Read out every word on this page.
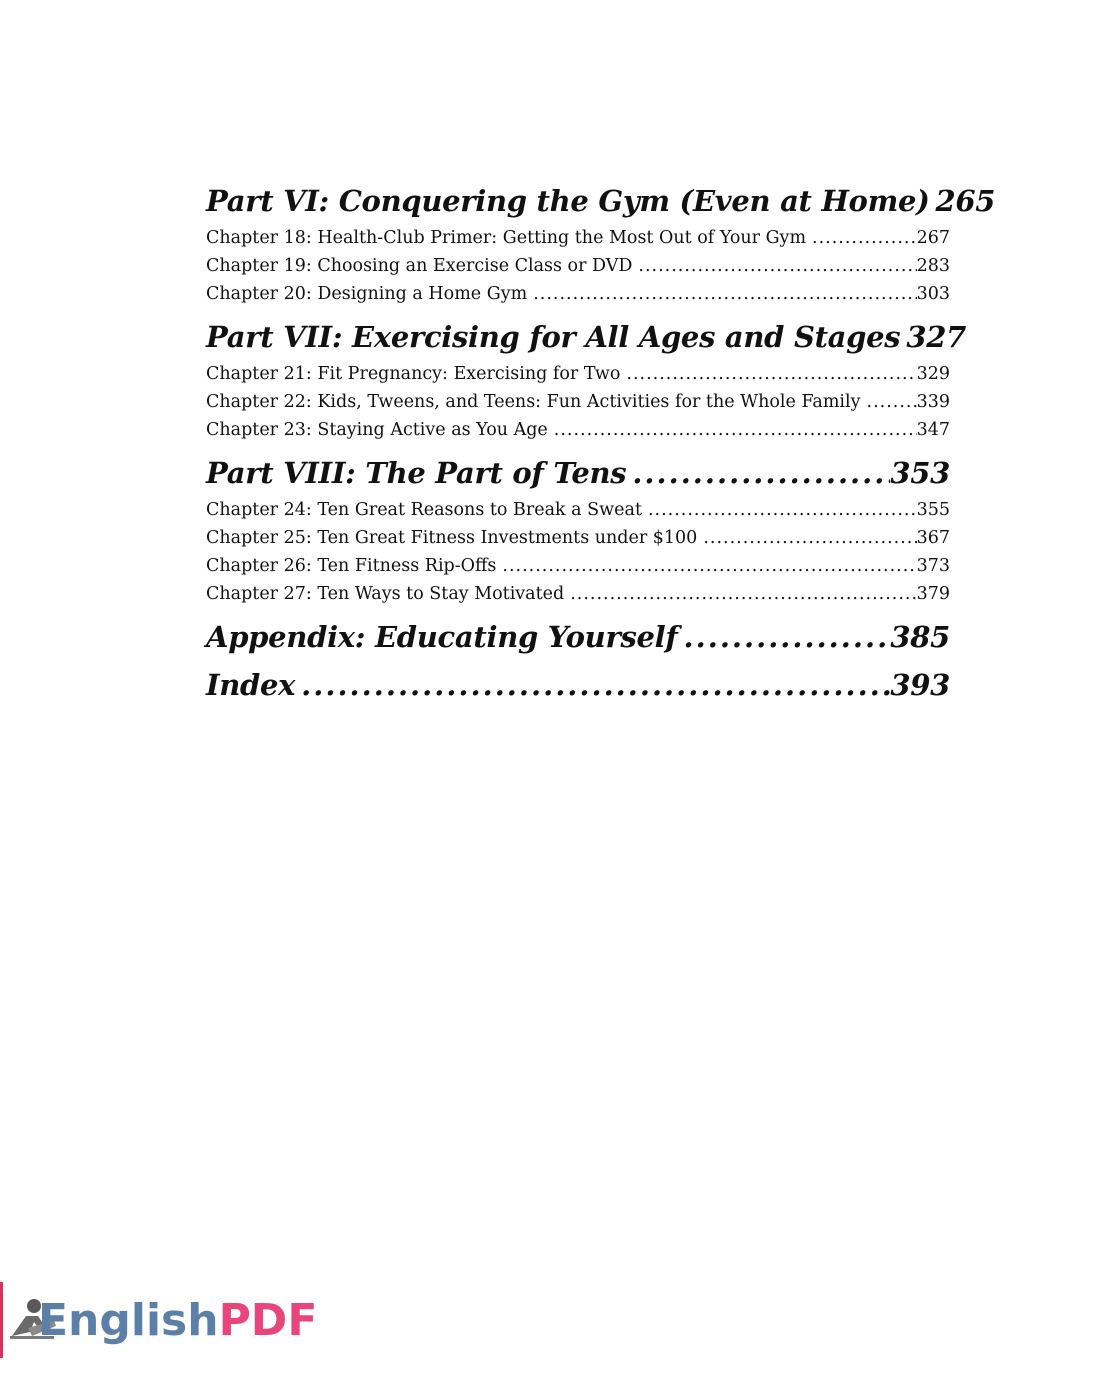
Part VI: Conquering the Gym (Even at Home) 265
Chapter 18: Health-Club Primer: Getting the Most Out of Your Gym .....	267
Chapter 19: Choosing an Exercise Class or DVD .....	283
Chapter 20: Designing a Home Gym .....	303
Part VII: Exercising for All Ages and Stages 327
Chapter 21: Fit Pregnancy: Exercising for Two .....	329
Chapter 22: Kids, Tweens, and Teens: Fun Activities for the Whole Family .....	339
Chapter 23: Staying Active as You Age .....	347
Part VIII: The Part of Tens .....	353
Chapter 24: Ten Great Reasons to Break a Sweat .....	355
Chapter 25: Ten Great Fitness Investments under $100 .....	367
Chapter 26: Ten Fitness Rip-Offs .....	373
Chapter 27: Ten Ways to Stay Motivated .....	379
Appendix: Educating Yourself .....	385
Index .....	393
EnglishPDF
